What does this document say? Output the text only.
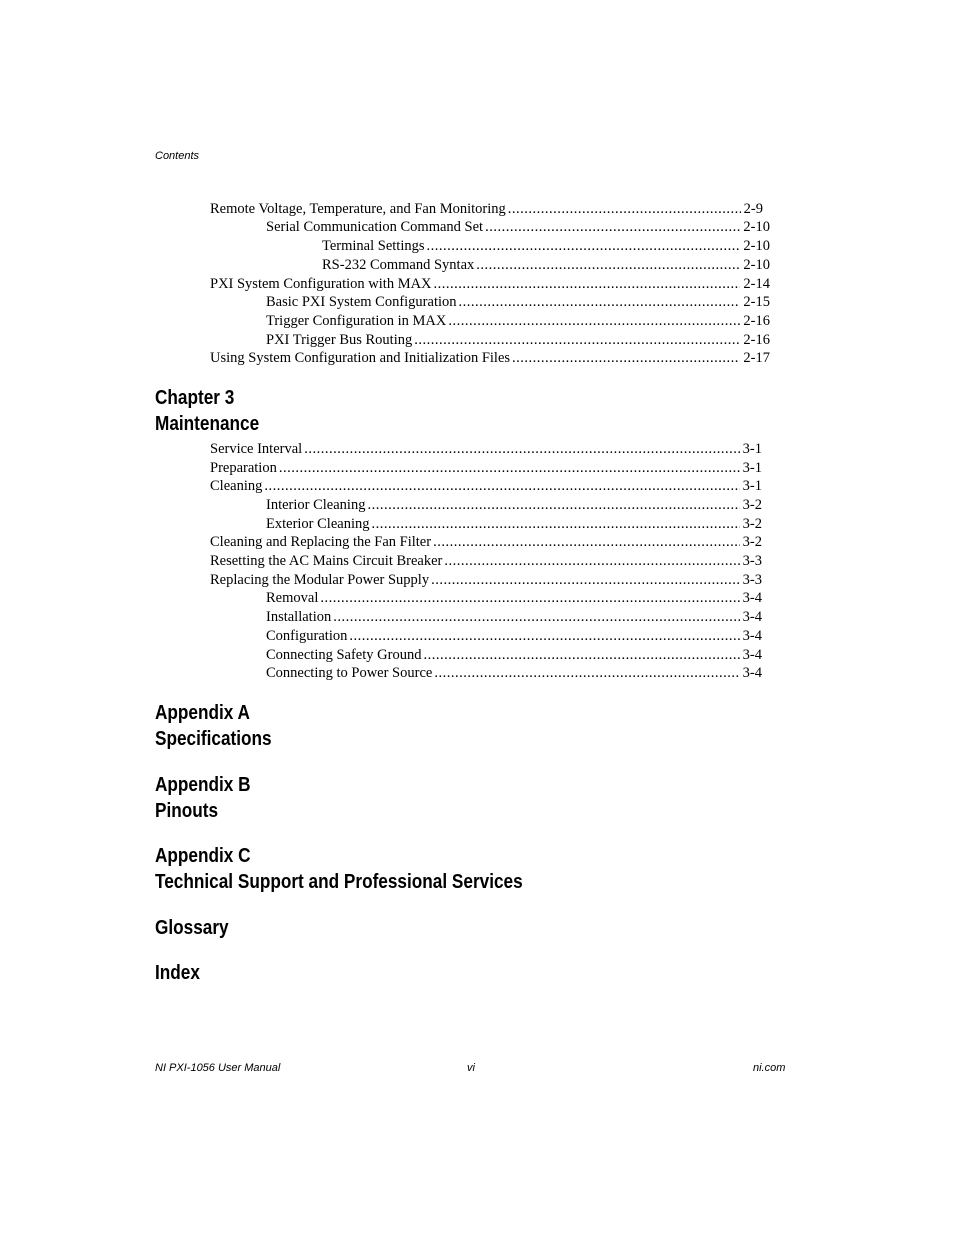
Contents
Remote Voltage, Temperature, and Fan Monitoring .....	2-9
Serial Communication Command Set .....	2-10
Terminal Settings .....	2-10
RS-232 Command Syntax .....	2-10
PXI System Configuration with MAX .....	2-14
Basic PXI System Configuration .....	2-15
Trigger Configuration in MAX .....	2-16
PXI Trigger Bus Routing .....	2-16
Using System Configuration and Initialization Files .....	2-17
Chapter 3
Maintenance
Service Interval .....	3-1
Preparation .....	3-1
Cleaning .....	3-1
Interior Cleaning .....	3-2
Exterior Cleaning .....	3-2
Cleaning and Replacing the Fan Filter .....	3-2
Resetting the AC Mains Circuit Breaker .....	3-3
Replacing the Modular Power Supply .....	3-3
Removal .....	3-4
Installation .....	3-4
Configuration .....	3-4
Connecting Safety Ground .....	3-4
Connecting to Power Source .....	3-4
Appendix A
Specifications
Appendix B
Pinouts
Appendix C
Technical Support and Professional Services
Glossary
Index
NI PXI-1056 User Manual	vi	ni.com
